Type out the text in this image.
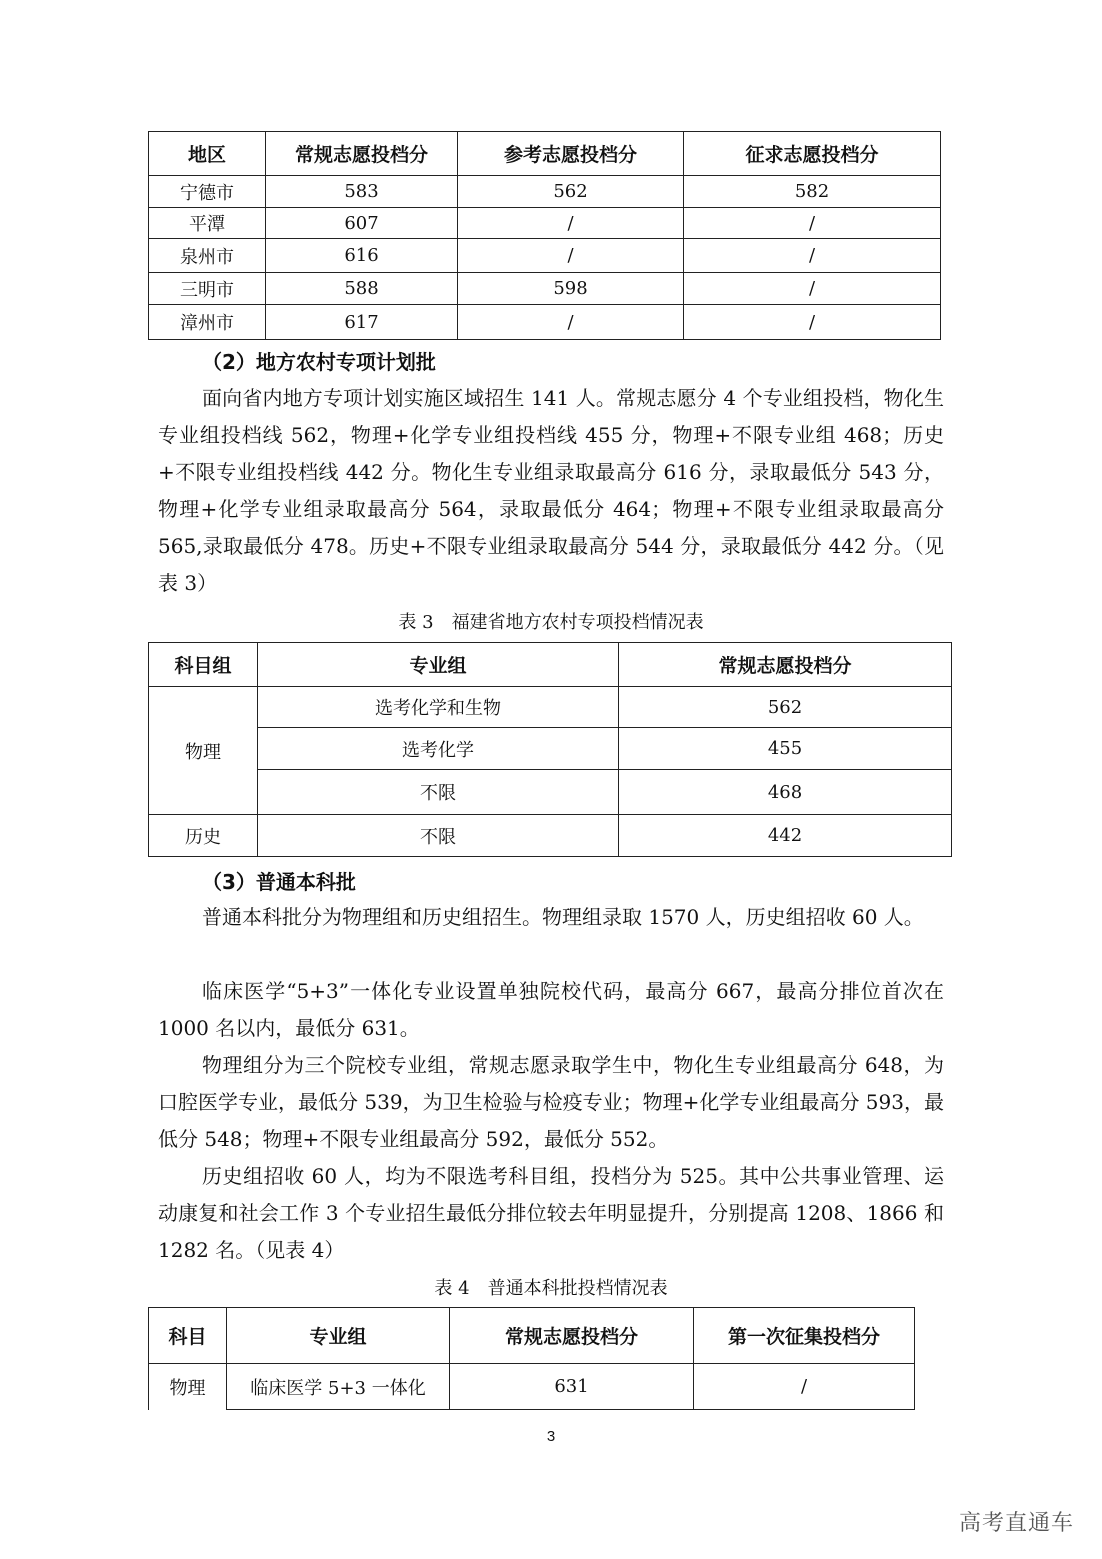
地区	常规志愿投档分	参考志愿投档分	征求志愿投档分
宁德市	583	562	582
平潭	607	/	/
泉州市	616	/	/
三明市	588	598	/
漳州市	617	/	/
（2）地方农村专项计划批

面向省内地方专项计划实施区域招生 141 人。常规志愿分 4 个专业组投档，物化生专业组投档线 562，物理+化学专业组投档线 455 分，物理+不限专业组 468；历史+不限专业组投档线 442 分。物化生专业组录取最高分 616 分，录取最低分 543 分，物理+化学专业组录取最高分 564，录取最低分 464；物理+不限专业组录取最高分 565,录取最低分 478。历史+不限专业组录取最高分 544 分，录取最低分 442 分。（见表 3）

表 3　福建省地方农村专项投档情况表
科目组	专业组	常规志愿投档分
物理	选考化学和生物	562
	选考化学	455
	不限	468
历史	不限	442
（3）普通本科批

普通本科批分为物理组和历史组招生。物理组录取 1570 人，历史组招收 60 人。

临床医学“5+3”一体化专业设置单独院校代码，最高分 667，最高分排位首次在 1000 名以内，最低分 631。

物理组分为三个院校专业组，常规志愿录取学生中，物化生专业组最高分 648，为口腔医学专业，最低分 539，为卫生检验与检疫专业；物理+化学专业组最高分 593，最低分 548；物理+不限专业组最高分 592，最低分 552。

历史组招收 60 人，均为不限选考科目组，投档分为 525。其中公共事业管理、运动康复和社会工作 3 个专业招生最低分排位较去年明显提升，分别提高 1208、1866 和 1282 名。（见表 4）

表 4　普通本科批投档情况表
科目	专业组	常规志愿投档分	第一次征集投档分
物理	临床医学 5+3 一体化	631	/
3
高考直通车
